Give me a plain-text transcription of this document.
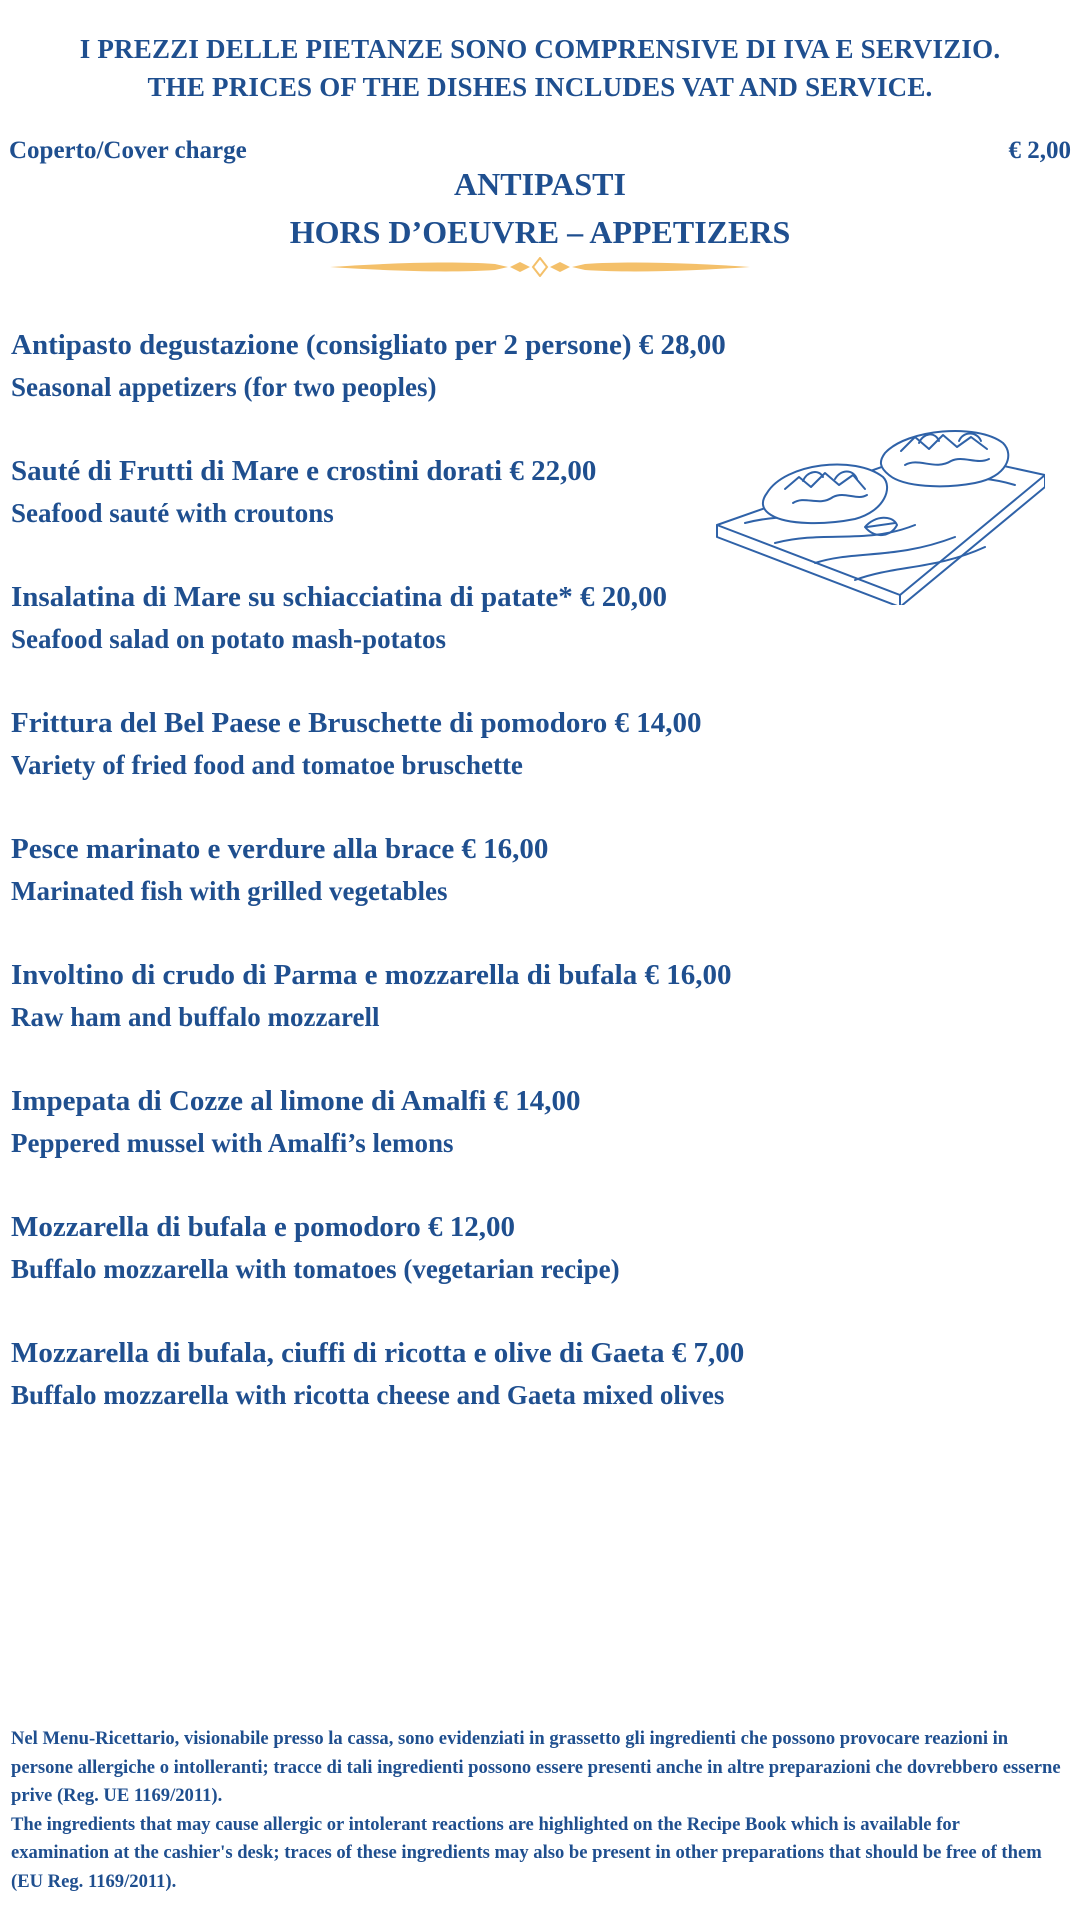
I PREZZI DELLE PIETANZE SONO COMPRENSIVE DI IVA E SERVIZIO.
THE PRICES OF THE DISHES INCLUDES VAT AND SERVICE.
Coperto/Cover charge	€ 2,00
ANTIPASTI
HORS D’OEUVRE – APPETIZERS
Antipasto degustazione (consigliato per 2 persone) € 28,00
Seasonal appetizers (for two peoples)
Sauté di Frutti di Mare e crostini dorati € 22,00
Seafood sauté with croutons
Insalatina di Mare su schiacciatina di patate* € 20,00
Seafood salad on potato mash-potatos
Frittura del Bel Paese e Bruschette di pomodoro € 14,00
Variety of fried food and tomatoe bruschette
Pesce marinato e verdure alla brace € 16,00
Marinated fish with grilled vegetables
Involtino di crudo di Parma e mozzarella di bufala € 16,00
Raw ham and buffalo mozzarell
Impepata di Cozze al limone di Amalfi € 14,00
Peppered mussel with Amalfi’s lemons
Mozzarella di bufala e pomodoro € 12,00
Buffalo mozzarella with tomatoes (vegetarian recipe)
Mozzarella di bufala, ciuffi di ricotta e olive di Gaeta € 7,00
Buffalo mozzarella with ricotta cheese and Gaeta mixed olives

Nel Menu-Ricettario, visionabile presso la cassa, sono evidenziati in grassetto gli ingredienti che possono provocare reazioni in persone allergiche o intolleranti; tracce di tali ingredienti possono essere presenti anche in altre preparazioni che dovrebbero esserne prive (Reg. UE 1169/2011).

The ingredients that may cause allergic or intolerant reactions are highlighted on the Recipe Book which is available for examination at the cashier's desk; traces of these ingredients may also be present in other preparations that should be free of them (EU Reg. 1169/2011).
